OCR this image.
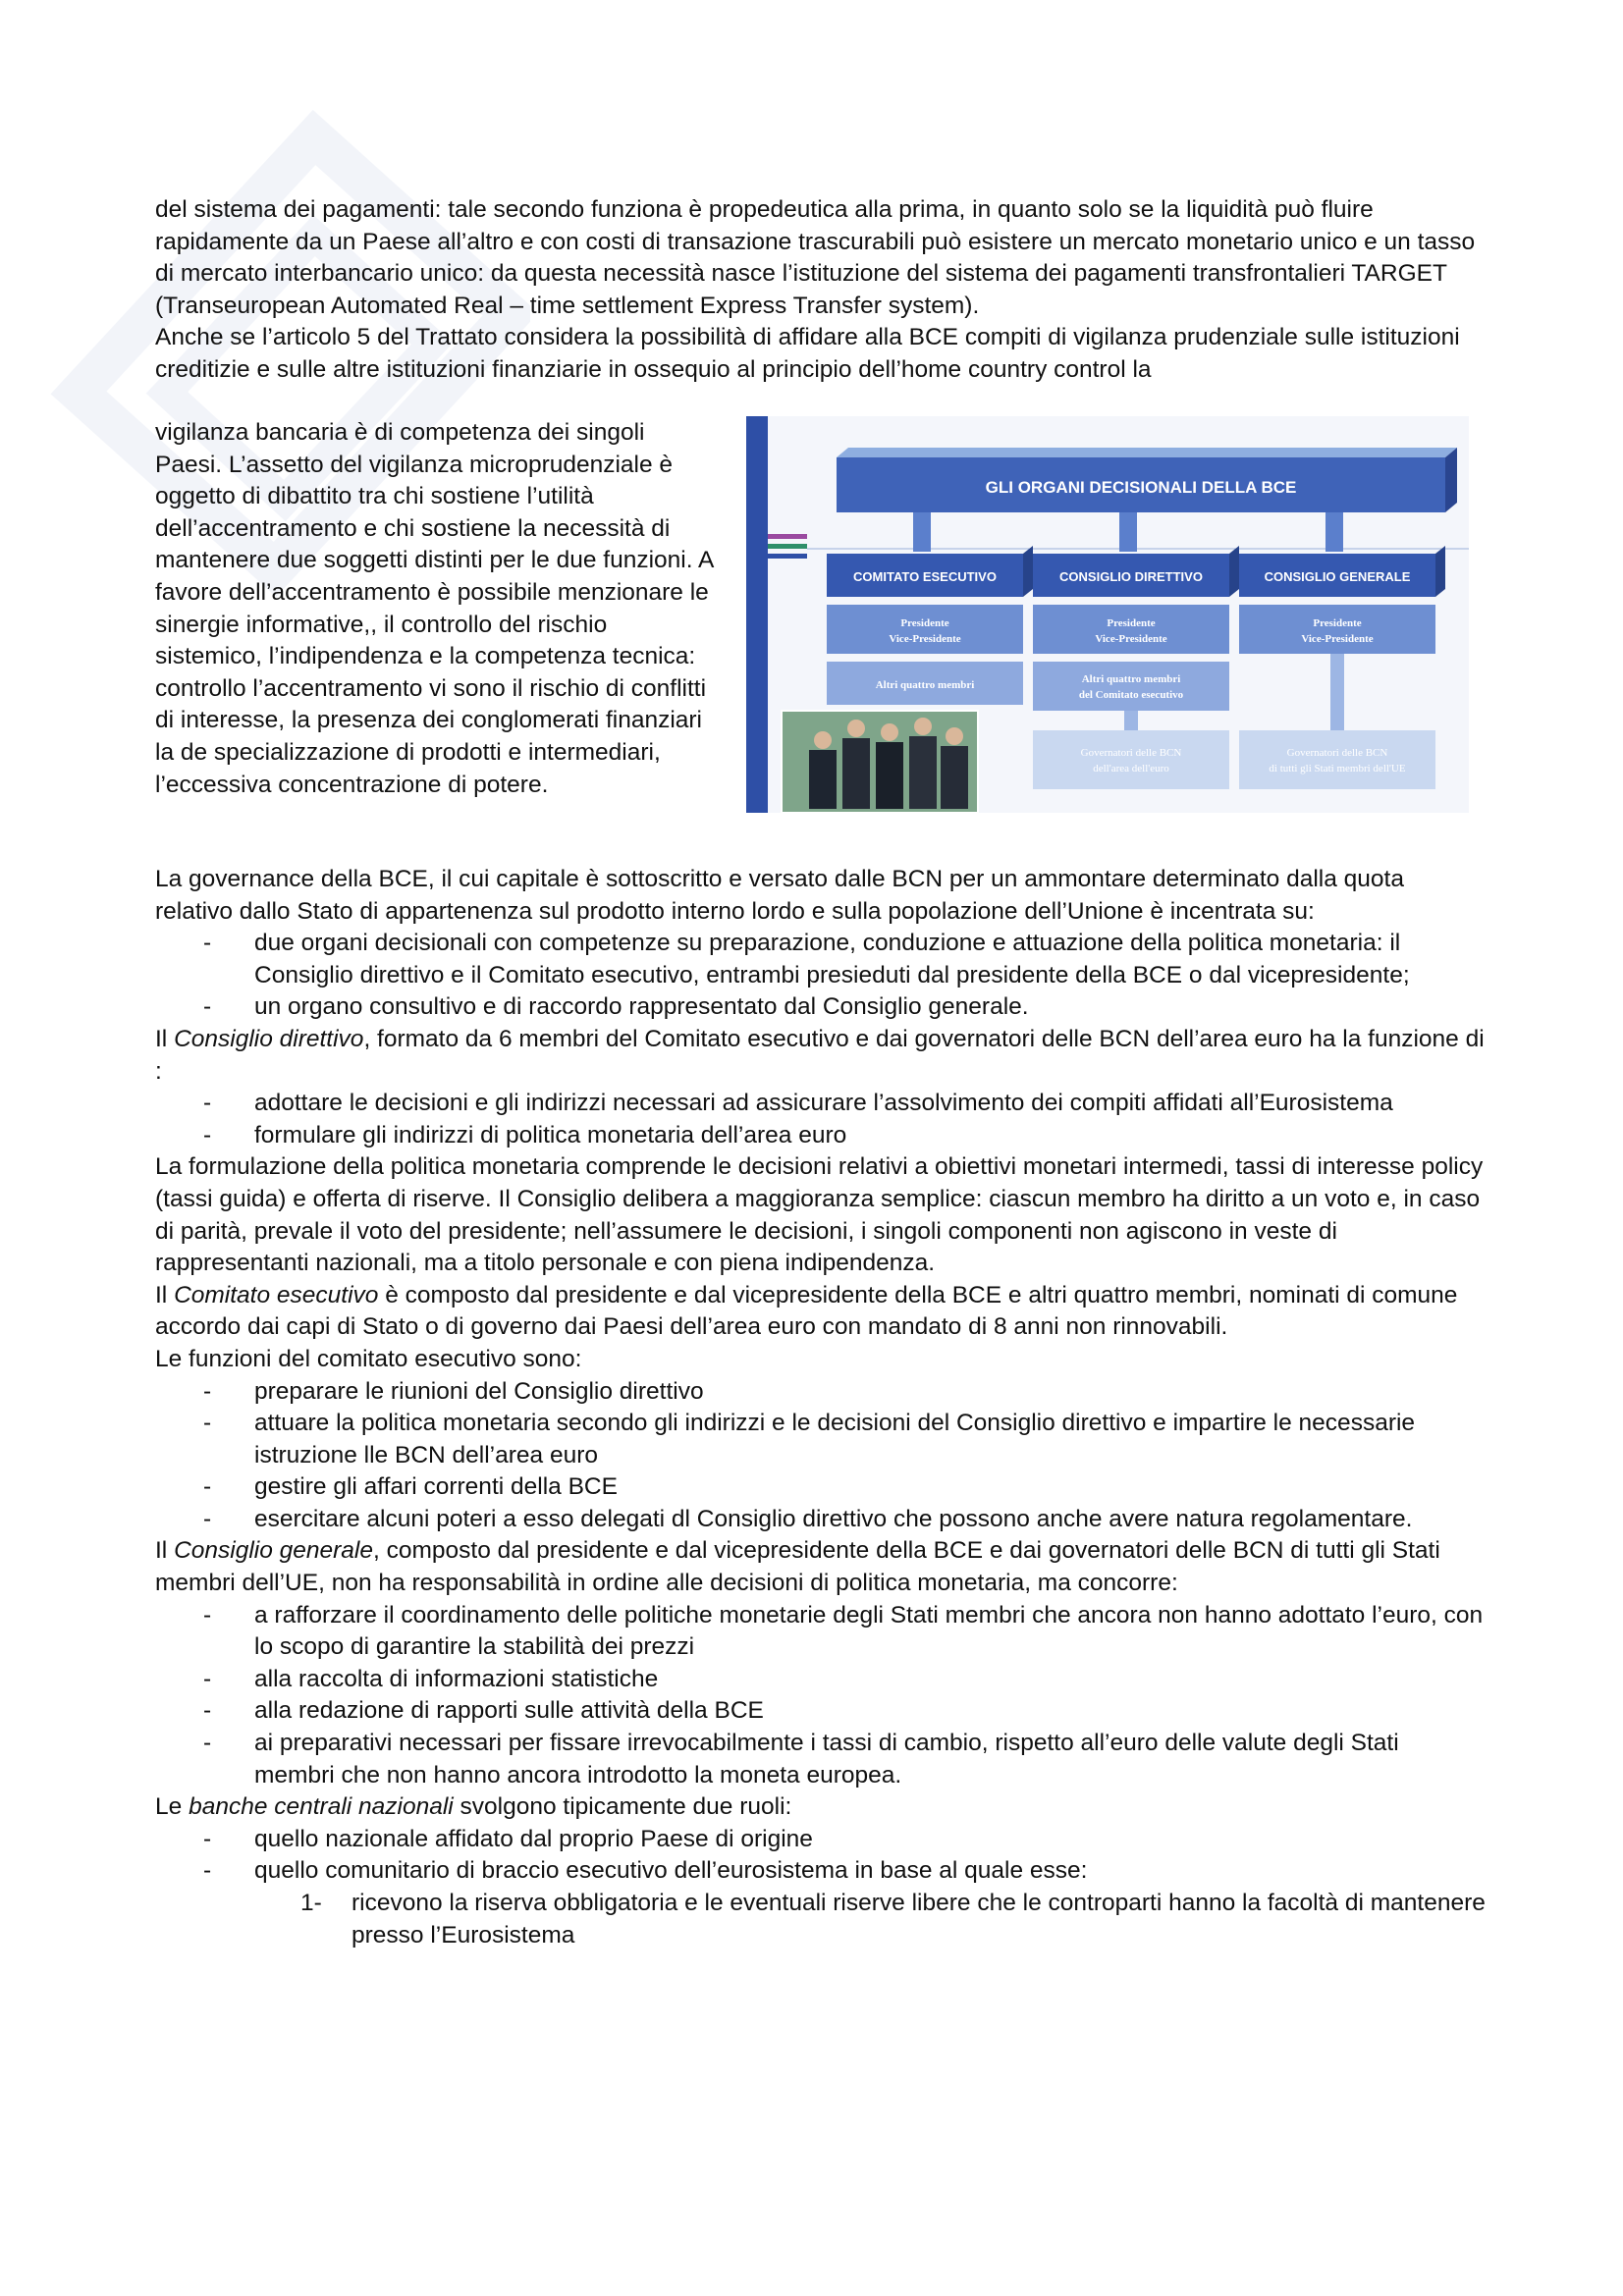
del sistema dei pagamenti: tale secondo funziona è propedeutica alla prima, in quanto solo se la liquidità può fluire rapidamente da un Paese all’altro e con costi di transazione trascurabili può esistere un mercato monetario unico e un tasso di mercato interbancario unico: da questa necessità nasce l’istituzione del sistema dei pagamenti transfrontalieri TARGET (Transeuropean Automated Real – time settlement Express Transfer system).

Anche se l’articolo 5 del Trattato considera la possibilità di affidare alla BCE compiti di vigilanza prudenziale sulle istituzioni creditizie e sulle altre istituzioni finanziarie in ossequio al principio dell’home country control la

vigilanza bancaria è di competenza dei singoli Paesi. L’assetto del vigilanza microprudenziale è oggetto di dibattito tra chi sostiene l’utilità dell’accentramento e chi sostiene la necessità di mantenere due soggetti distinti per le due funzioni. A favore dell’accentramento è possibile menzionare le sinergie informative,, il controllo del rischio sistemico, l’indipendenza e la competenza tecnica: controllo l’accentramento vi sono il rischio di conflitti di interesse, la presenza dei conglomerati finanziari la de specializzazione di prodotti e intermediari, l’eccessiva concentrazione di potere.

GLI ORGANI DECISIONALI DELLA BCE
COMITATO ESECUTIVO
Presidente
Vice-Presidente
Altri quattro membri
CONSIGLIO DIRETTIVO
Presidente
Vice-Presidente
Altri quattro membri
del Comitato esecutivo
Governatori delle BCN
dell'area dell'euro
CONSIGLIO GENERALE
Presidente
Vice-Presidente
Governatori delle BCN
di tutti gli Stati membri dell'UE

La governance della BCE, il cui capitale è sottoscritto e versato dalle BCN per un ammontare determinato dalla quota relativo dallo Stato di appartenenza sul prodotto interno lordo e sulla popolazione dell’Unione è incentrata su:

- due organi decisionali con competenze su preparazione, conduzione e attuazione della politica monetaria: il Consiglio direttivo e il Comitato esecutivo, entrambi presieduti dal presidente della BCE o dal vicepresidente;

- un organo consultivo e di raccordo rappresentato dal Consiglio generale.

Il Consiglio direttivo, formato da 6 membri del Comitato esecutivo e dai governatori delle BCN dell’area euro ha la funzione di :

- adottare le decisioni e gli indirizzi necessari ad assicurare l’assolvimento dei compiti affidati all’Eurosistema

- formulare gli indirizzi di politica monetaria dell’area euro

La formulazione della politica monetaria comprende le decisioni relativi a obiettivi monetari intermedi, tassi di interesse policy (tassi guida) e offerta di riserve. Il Consiglio delibera a maggioranza semplice: ciascun membro ha diritto a un voto e, in caso di parità, prevale il voto del presidente; nell’assumere le decisioni, i singoli componenti non agiscono in veste di rappresentanti nazionali, ma a titolo personale e con piena indipendenza.

Il Comitato esecutivo è composto dal presidente e dal vicepresidente della BCE e altri quattro membri, nominati di comune accordo dai capi di Stato o di governo dai Paesi dell’area euro con mandato di 8 anni non rinnovabili.

Le funzioni del comitato esecutivo sono:

- preparare le riunioni del Consiglio direttivo

- attuare la politica monetaria secondo gli indirizzi e le decisioni del Consiglio direttivo e impartire le necessarie istruzione lle BCN dell’area euro

- gestire gli affari correnti della BCE

- esercitare alcuni poteri a esso delegati dl Consiglio direttivo che possono anche avere natura regolamentare.

Il Consiglio generale, composto dal presidente e dal vicepresidente della BCE e dai governatori delle BCN di tutti gli Stati membri dell’UE, non ha responsabilità in ordine alle decisioni di politica monetaria, ma concorre:

- a rafforzare il coordinamento delle politiche monetarie degli Stati membri che ancora non hanno adottato l’euro, con lo scopo di garantire la stabilità dei prezzi

- alla raccolta di informazioni statistiche

- alla redazione di rapporti sulle attività della BCE

- ai preparativi necessari per fissare irrevocabilmente i tassi di cambio, rispetto all’euro delle valute degli Stati membri che non hanno ancora introdotto la moneta europea.

Le banche centrali nazionali svolgono tipicamente due ruoli:

- quello nazionale affidato dal proprio Paese di origine

- quello comunitario di braccio esecutivo dell’eurosistema in base al quale esse:

1- ricevono la riserva obbligatoria e le eventuali riserve libere che le controparti hanno la facoltà di mantenere presso l’Eurosistema
